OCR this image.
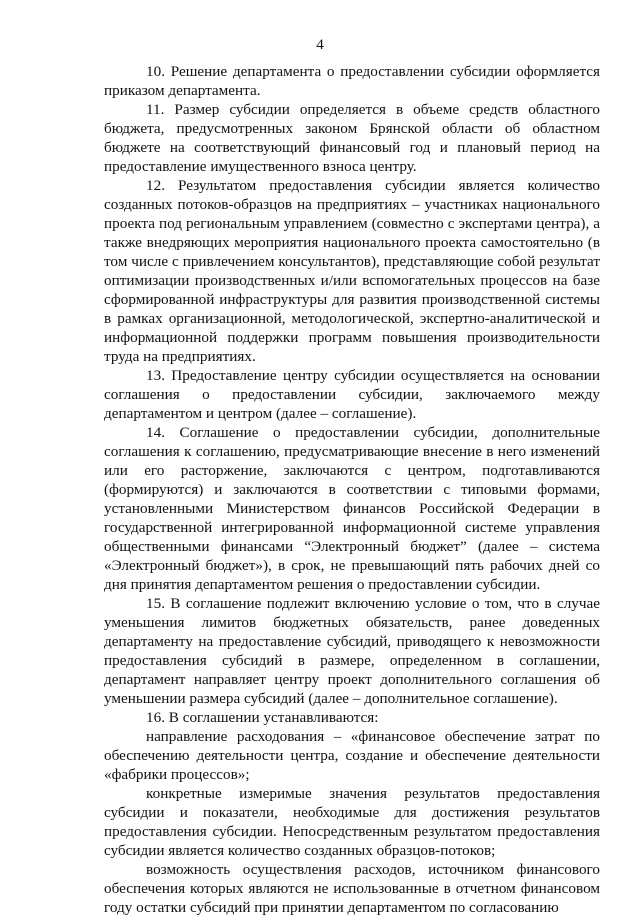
4

10. Решение департамента о предоставлении субсидии оформляется приказом департамента.

11. Размер субсидии определяется в объеме средств областного бюджета, предусмотренных законом Брянской области об областном бюджете на соответствующий финансовый год и плановый период на предоставление имущественного взноса центру.

12. Результатом предоставления субсидии является количество созданных потоков-образцов на предприятиях – участниках национального проекта под региональным управлением (совместно с экспертами центра), а также внедряющих мероприятия национального проекта самостоятельно (в том числе с привлечением консультантов), представляющие собой результат оптимизации производственных и/или вспомогательных процессов на базе сформированной инфраструктуры для развития производственной системы в рамках организационной, методологической, экспертно-аналитической и информационной поддержки программ повышения производительности труда на предприятиях.

13. Предоставление центру субсидии осуществляется на основании соглашения о предоставлении субсидии, заключаемого между департаментом и центром (далее – соглашение).

14. Соглашение о предоставлении субсидии, дополнительные соглашения к соглашению, предусматривающие внесение в него изменений или его расторжение, заключаются с центром, подготавливаются (формируются) и заключаются в соответствии с типовыми формами, установленными Министерством финансов Российской Федерации в государственной интегрированной информационной системе управления общественными финансами “Электронный бюджет” (далее – система «Электронный бюджет»), в срок, не превышающий пять рабочих дней со дня принятия департаментом решения о предоставлении субсидии.

15. В соглашение подлежит включению условие о том, что в случае уменьшения лимитов бюджетных обязательств, ранее доведенных департаменту на предоставление субсидий, приводящего к невозможности предоставления субсидий в размере, определенном в соглашении, департамент направляет центру проект дополнительного соглашения об уменьшении размера субсидий (далее – дополнительное соглашение).

16. В соглашении устанавливаются:

направление расходования – «финансовое обеспечение затрат по обеспечению деятельности центра, создание и обеспечение деятельности «фабрики процессов»;

конкретные измеримые значения результатов предоставления субсидии и показатели, необходимые для достижения результатов предоставления субсидии. Непосредственным результатом предоставления субсидии является количество созданных образцов-потоков;

возможность осуществления расходов, источником финансового обеспечения которых являются не использованные в отчетном финансовом году остатки субсидий при принятии департаментом по согласованию
